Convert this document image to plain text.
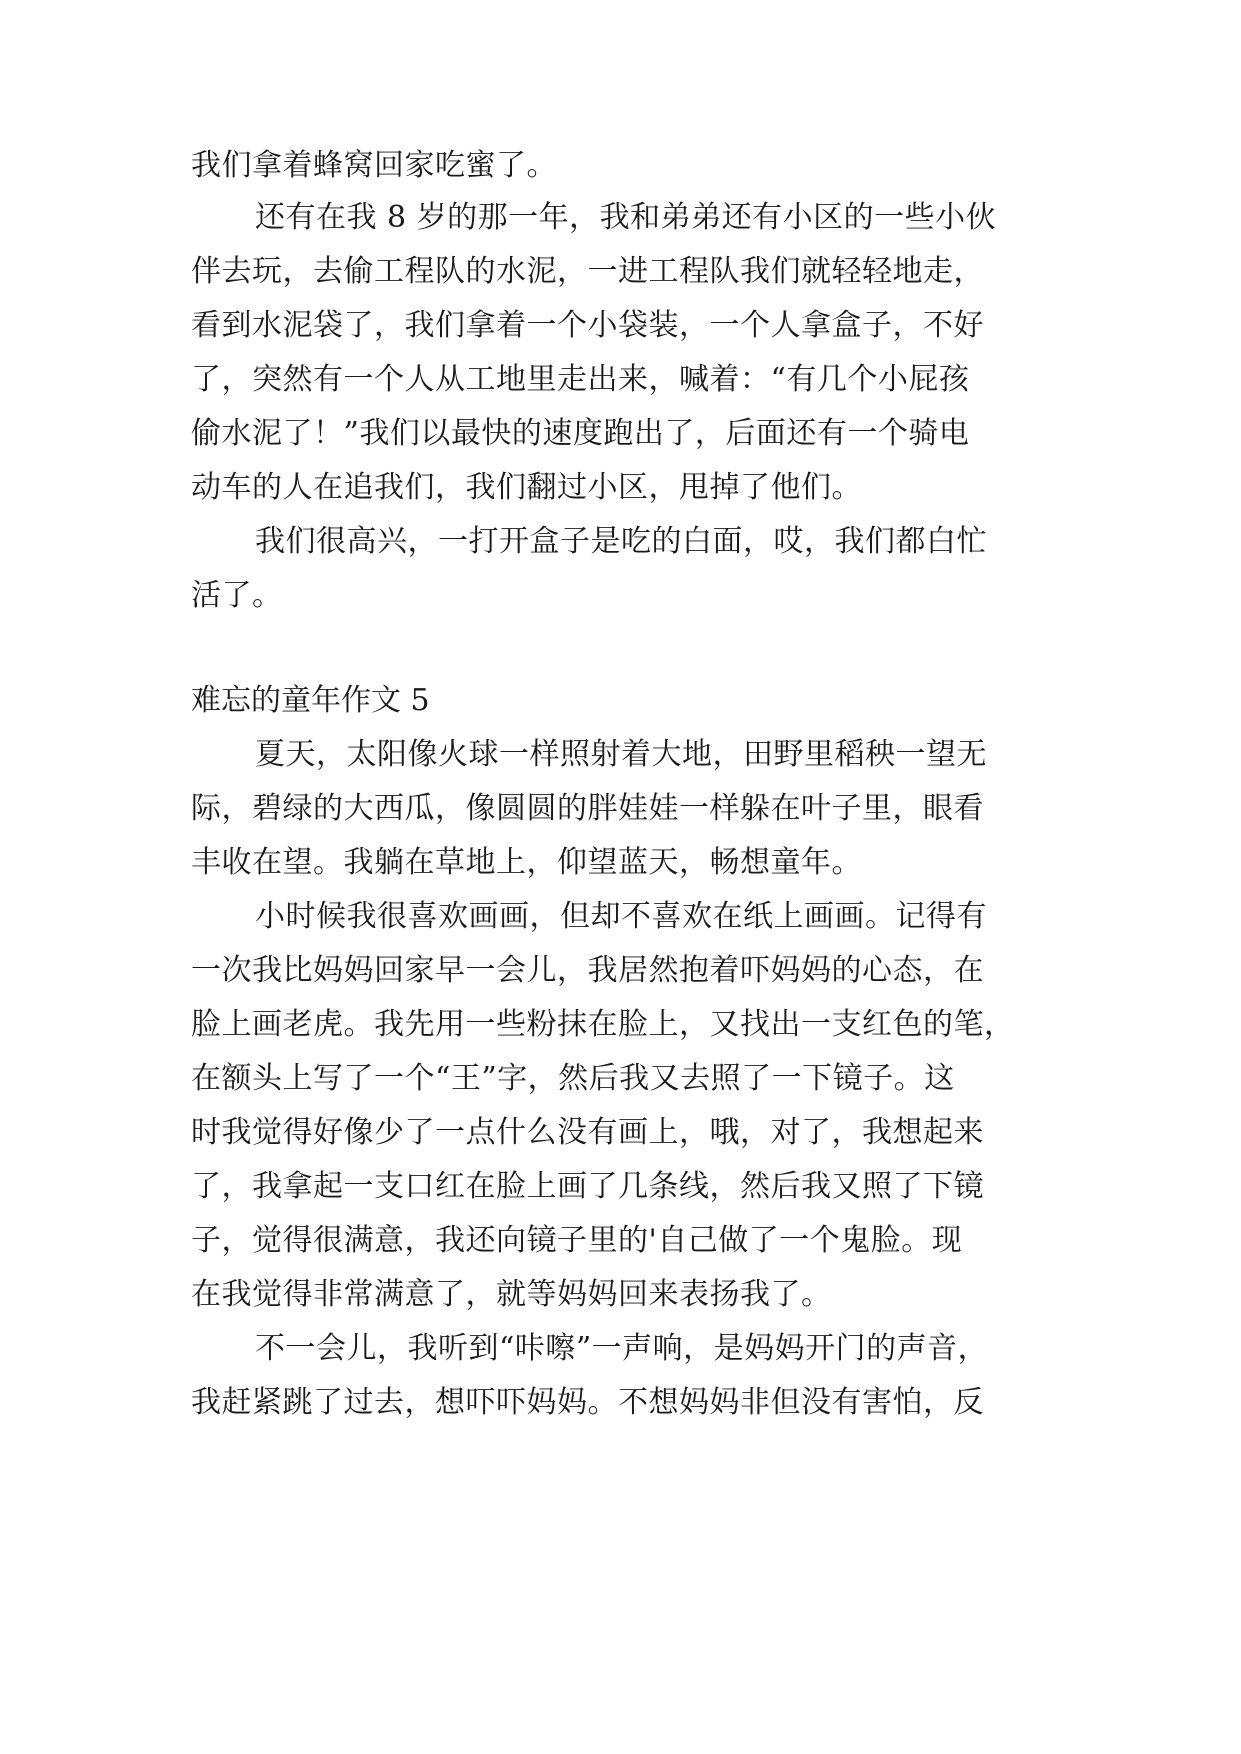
我们拿着蜂窝回家吃蜜了。
还有在我 8 岁的那一年，我和弟弟还有小区的一些小伙
伴去玩，去偷工程队的水泥，一进工程队我们就轻轻地走，
看到水泥袋了，我们拿着一个小袋装，一个人拿盒子，不好
了，突然有一个人从工地里走出来，喊着：“有几个小屁孩
偷水泥了！”我们以最快的速度跑出了，后面还有一个骑电
动车的人在追我们，我们翻过小区，甩掉了他们。
我们很高兴，一打开盒子是吃的白面，哎，我们都白忙
活了。
难忘的童年作文 5
夏天，太阳像火球一样照射着大地，田野里稻秧一望无
际，碧绿的大西瓜，像圆圆的胖娃娃一样躲在叶子里，眼看
丰收在望。我躺在草地上，仰望蓝天，畅想童年。
小时候我很喜欢画画，但却不喜欢在纸上画画。记得有
一次我比妈妈回家早一会儿，我居然抱着吓妈妈的心态，在
脸上画老虎。我先用一些粉抹在脸上，又找出一支红色的笔，
在额头上写了一个“王”字，然后我又去照了一下镜子。这
时我觉得好像少了一点什么没有画上，哦，对了，我想起来
了，我拿起一支口红在脸上画了几条线，然后我又照了下镜
子，觉得很满意，我还向镜子里的'自己做了一个鬼脸。现
在我觉得非常满意了，就等妈妈回来表扬我了。
不一会儿，我听到“咔嚓”一声响，是妈妈开门的声音，
我赶紧跳了过去，想吓吓妈妈。不想妈妈非但没有害怕，反
